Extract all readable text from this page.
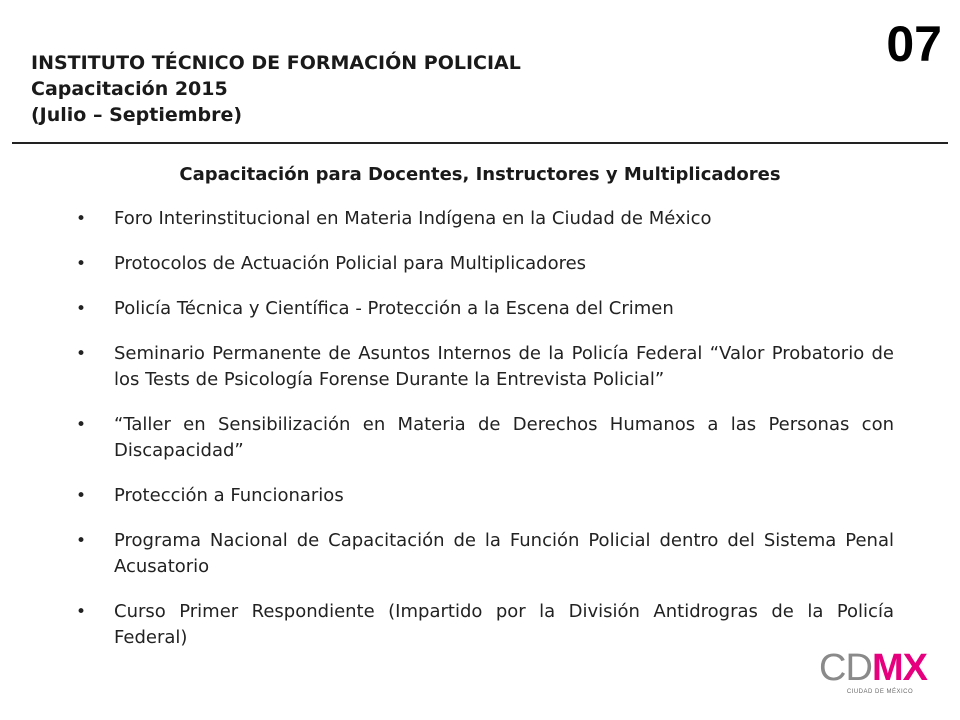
INSTITUTO TÉCNICO DE FORMACIÓN POLICIAL
Capacitación 2015
(Julio – Septiembre)
07
Capacitación para Docentes, Instructores y Multiplicadores
• Foro Interinstitucional en Materia Indígena en la Ciudad de México
• Protocolos de Actuación Policial para Multiplicadores
• Policía Técnica y Científica - Protección a la Escena del Crimen
• Seminario Permanente de Asuntos Internos de la Policía Federal “Valor Probatorio de los Tests de Psicología Forense Durante la Entrevista Policial”
• “Taller en Sensibilización en Materia de Derechos Humanos a las Personas con Discapacidad”
• Protección a Funcionarios
• Programa Nacional de Capacitación de la Función Policial dentro del Sistema Penal Acusatorio
• Curso Primer Respondiente (Impartido por la División Antidrogras de la Policía Federal)
CDMX
CIUDAD DE MÉXICO
